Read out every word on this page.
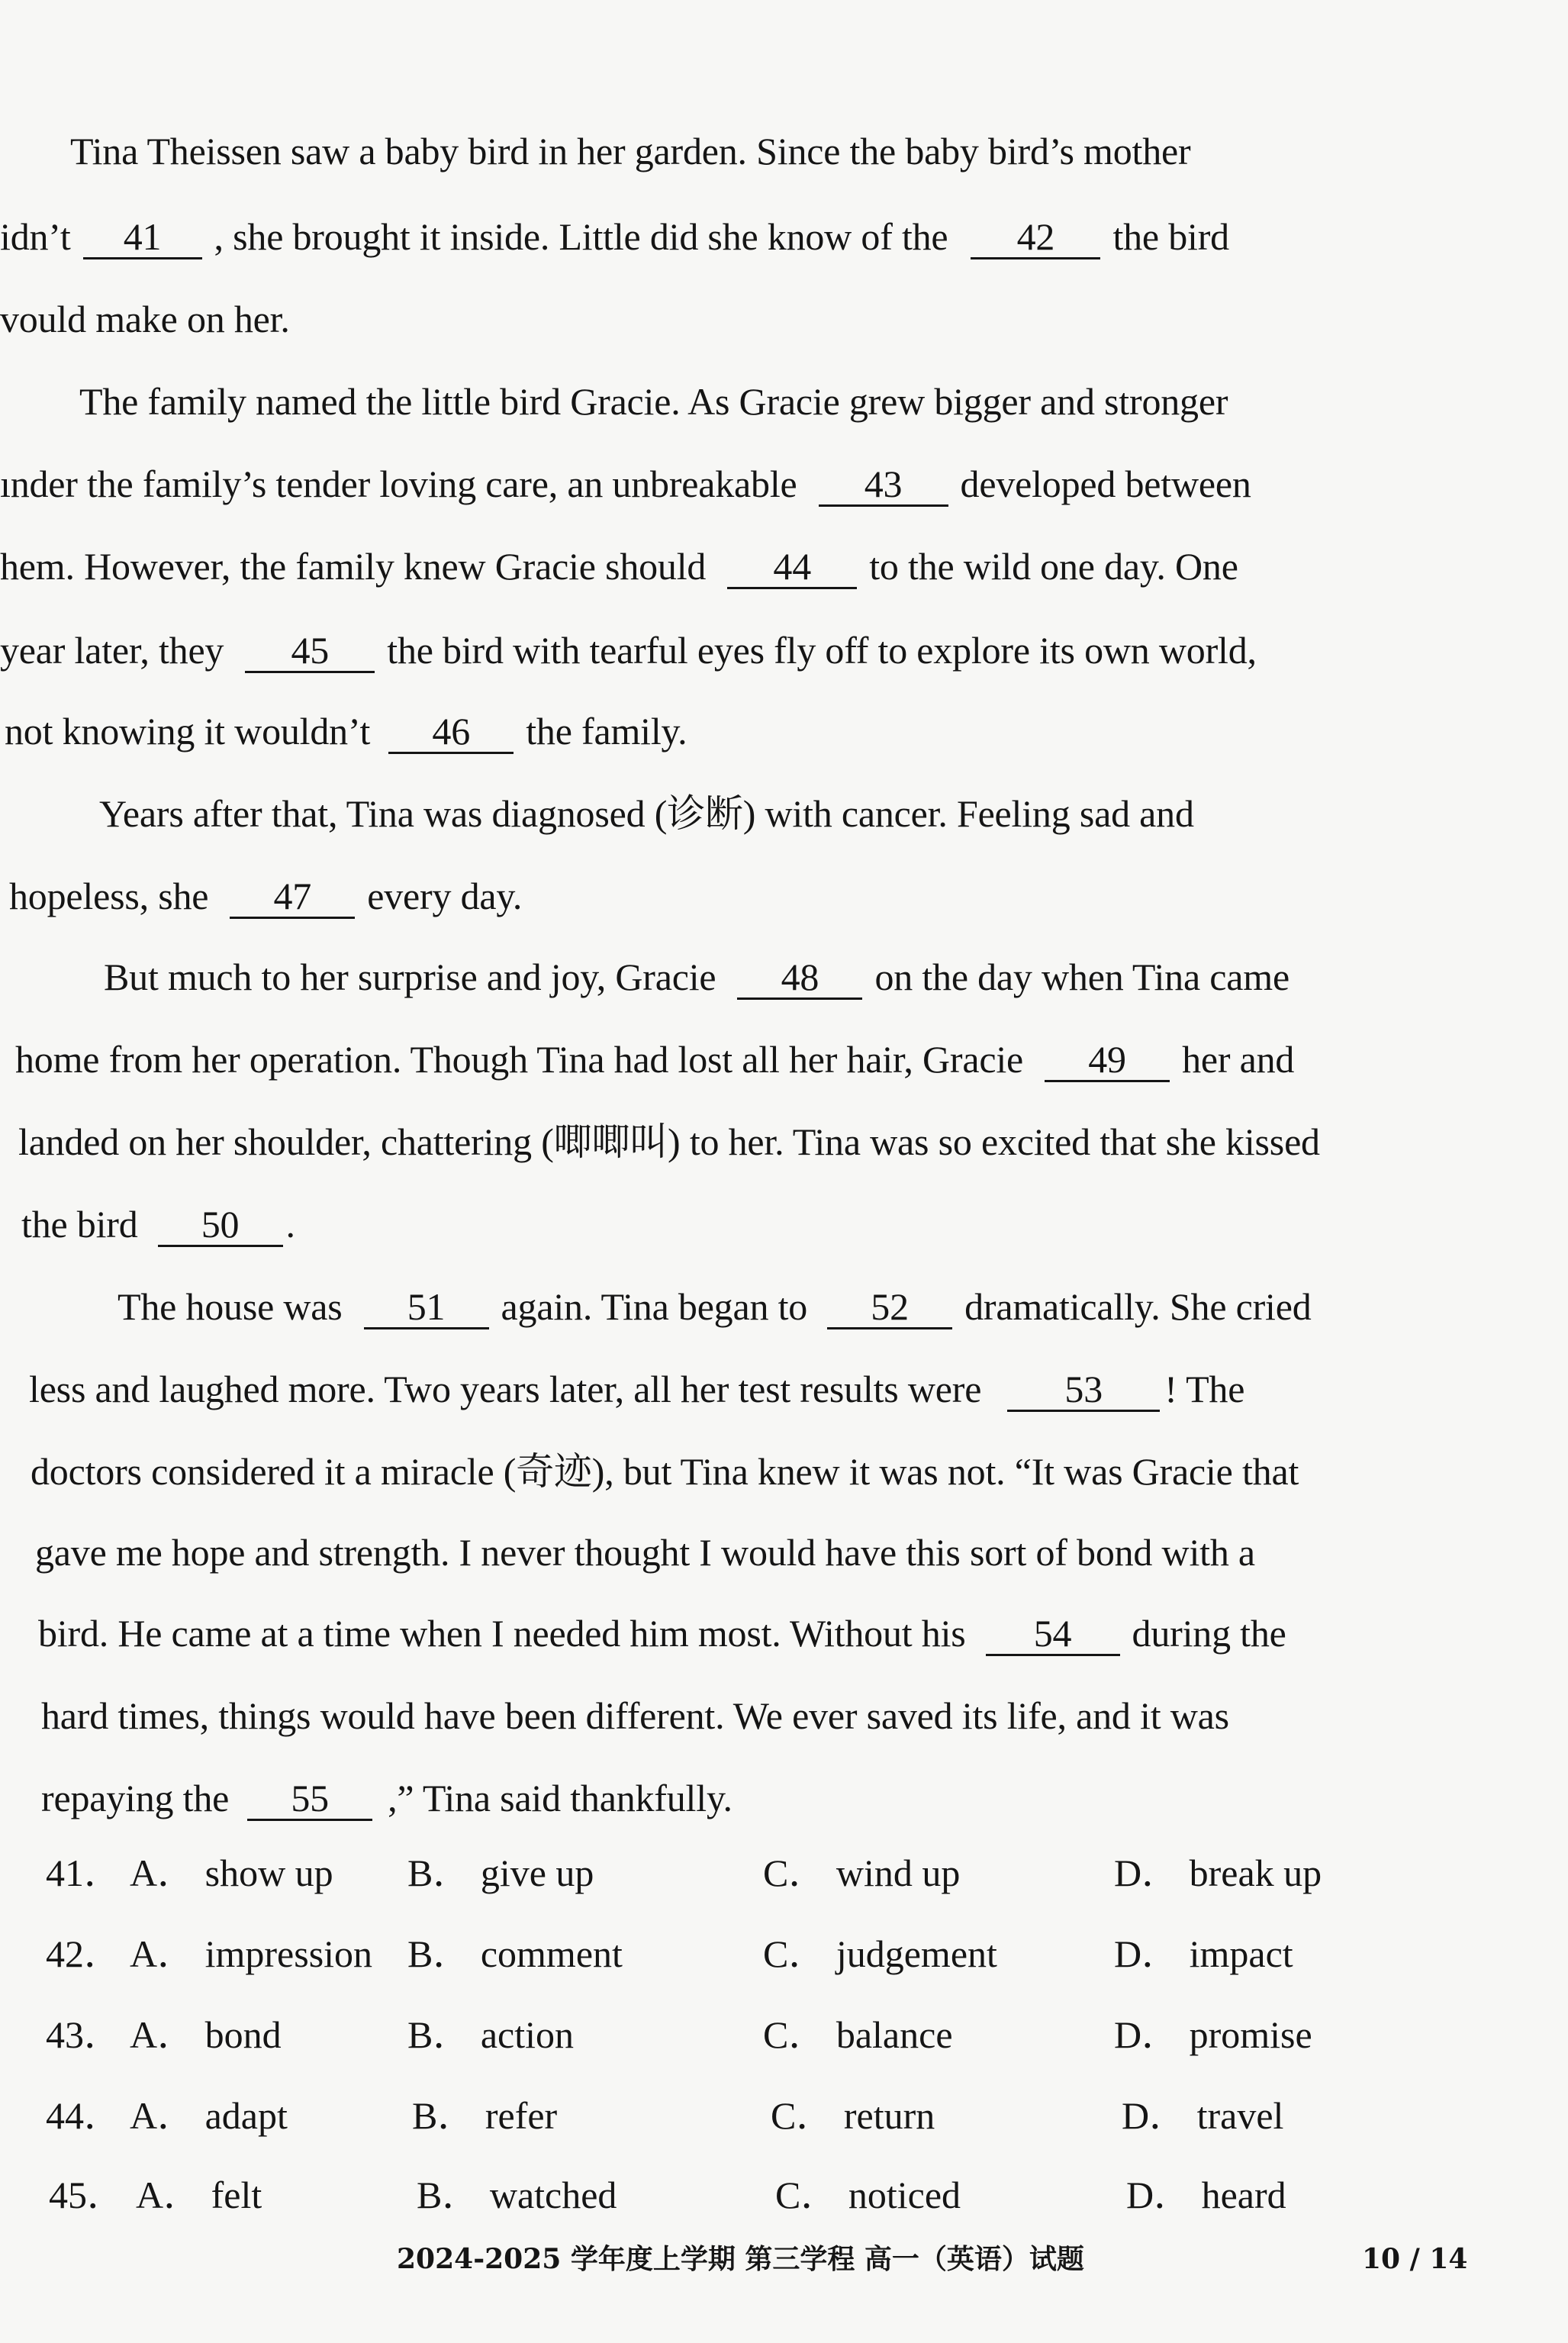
Tina Theissen saw a baby bird in her garden. Since the baby bird’s mother
idn’t 41 , she brought it inside. Little did she know of the 42 the bird
vould make on her.
The family named the little bird Gracie. As Gracie grew bigger and stronger
ınder the family’s tender loving care, an unbreakable 43 developed between
hem. However, the family knew Gracie should 44 to the wild one day. One
year later, they 45 the bird with tearful eyes fly off to explore its own world,
not knowing it wouldn’t 46 the family.
Years after that, Tina was diagnosed (诊断) with cancer. Feeling sad and
hopeless, she 47 every day.
But much to her surprise and joy, Gracie 48 on the day when Tina came
home from her operation. Though Tina had lost all her hair, Gracie 49 her and
landed on her shoulder, chattering (唧唧叫) to her. Tina was so excited that she kissed
the bird 50 .
The house was 51 again. Tina began to 52 dramatically. She cried
less and laughed more. Two years later, all her test results were 53 ! The
doctors considered it a miracle (奇迹), but Tina knew it was not. “It was Gracie that
gave me hope and strength. I never thought I would have this sort of bond with a
bird. He came at a time when I needed him most. Without his 54 during the
hard times, things would have been different. We ever saved its life, and it was
repaying the 55 ,” Tina said thankfully.
41． A． show up B． give up	C． wind up	D． break up
42． A． impression B． comment	C． judgement	D． impact
43． A． bond	B． action	C． balance	D． promise
44． A． adapt	B． refer	C． return	D． travel
45． A． felt	B． watched	C． noticed	D． heard
2024-2025 学年度上学期 第三学程 高一（英语）试题	10 / 14
